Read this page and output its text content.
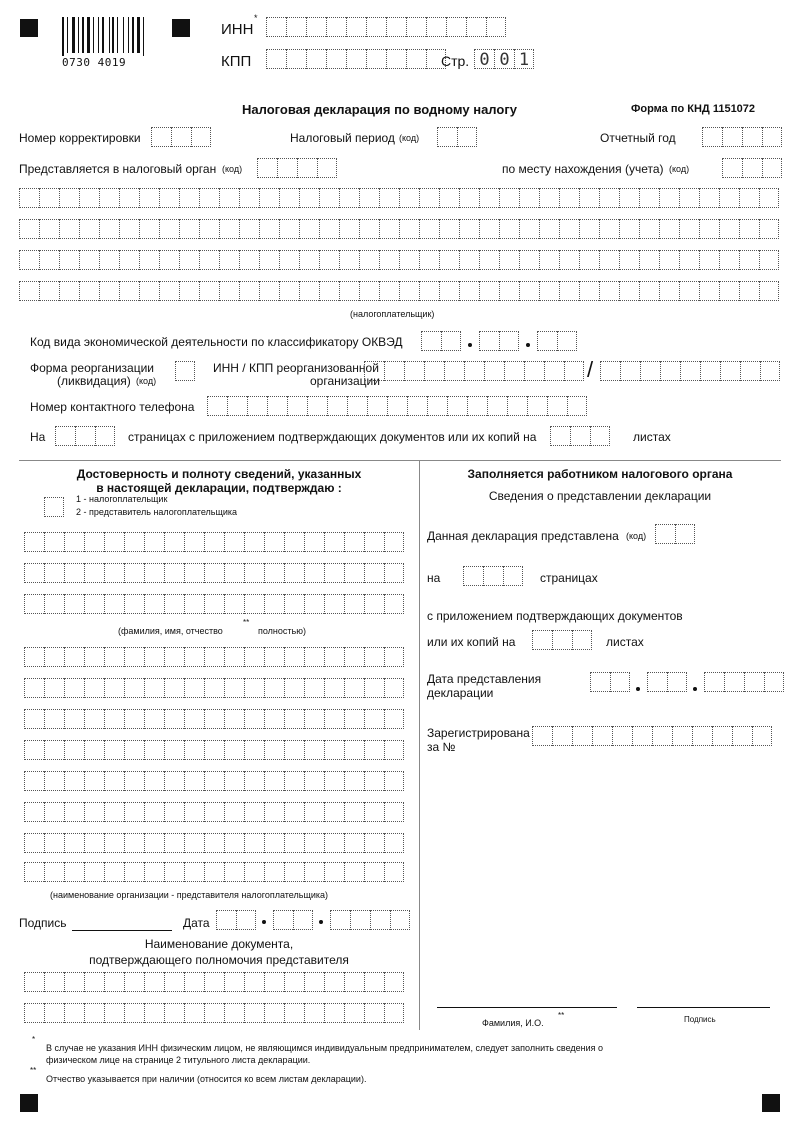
0730 4019
ИНН
*
КПП	Стр. 0 0 1
Налоговая декларация по водному налогу	Форма по КНД 1151072
Номер корректировки	Налоговый период (код)	Отчетный год
Представляется в налоговый орган (код)	по месту нахождения (учета) (код)
(налогоплательщик)
Код вида экономической деятельности по классификатору ОКВЭД
Форма реорганизации
(ликвидация) (код)
ИНН / КПП реорганизованной
организации	/
Номер контактного телефона
На	страницах с приложением подтверждающих документов или их копий на	листах
Достоверность и полноту сведений, указанных
в настоящей декларации, подтверждаю :
1 - налогоплательщик
2 - представитель налогоплательщика
(фамилия, имя, отчество
**
полностью)
(наименование организации - представителя налогоплательщика)
Подпись	Дата
Наименование документа,
подтверждающего полномочия представителя
Заполняется работником налогового органа
Сведения о представлении декларации
Данная декларация представлена (код)
на	страницах
с приложением подтверждающих документов
или их копий на	листах
Дата представления
декларации
Зарегистрирована
за №
Фамилия, И.О.
**	Подпись
*
В случае не указания ИНН физическим лицом, не являющимся индивидуальным предпринимателем, следует заполнить сведения о
физическом лице на странице 2 титульного листа декларации.
**
Отчество указывается при наличии (относится ко всем листам декларации).
